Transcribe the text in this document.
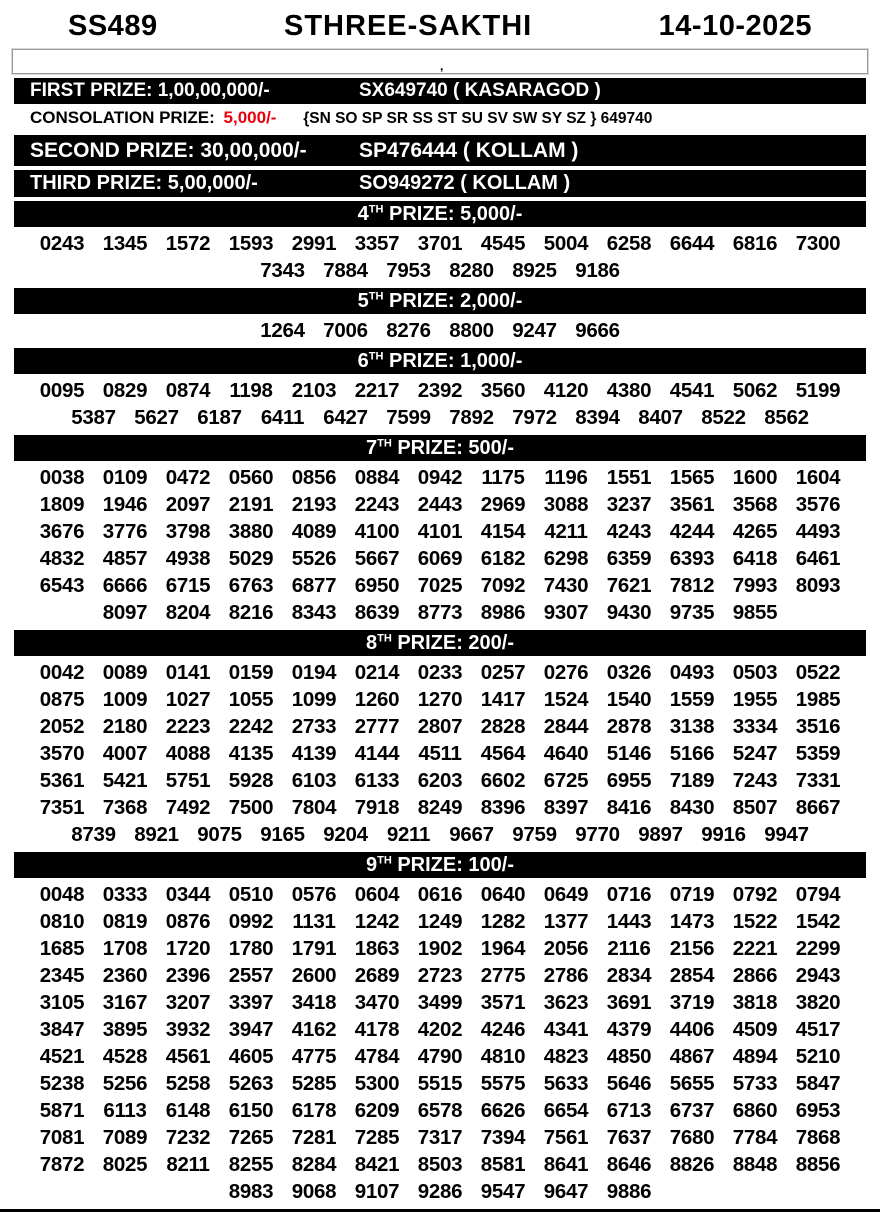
SS489	STHREE-SAKTHI	14-10-2025
,
FIRST PRIZE: 1,00,00,000/-	SX649740 ( KASARAGOD )
CONSOLATION PRIZE: 5,000/- {SN SO SP SR SS ST SU SV SW SY SZ } 649740
SECOND PRIZE: 30,00,000/- SP476444 ( KOLLAM )
THIRD PRIZE: 5,00,000/-	SO949272 ( KOLLAM )
4TH PRIZE: 5,000/-
0243 1345 1572 1593 2991 3357 3701 4545 5004 6258 6644 6816 7300
7343 7884 7953 8280 8925 9186
5TH PRIZE: 2,000/-
1264 7006 8276 8800 9247 9666
6TH PRIZE: 1,000/-
0095 0829 0874 1198 2103 2217 2392 3560 4120 4380 4541 5062 5199
5387 5627 6187 6411 6427 7599 7892 7972 8394 8407 8522 8562
7TH PRIZE: 500/-
0038 0109 0472 0560 0856 0884 0942 1175 1196 1551 1565 1600 1604
1809 1946 2097 2191 2193 2243 2443 2969 3088 3237 3561 3568 3576
3676 3776 3798 3880 4089 4100 4101 4154 4211 4243 4244 4265 4493
4832 4857 4938 5029 5526 5667 6069 6182 6298 6359 6393 6418 6461
6543 6666 6715 6763 6877 6950 7025 7092 7430 7621 7812 7993 8093
8097 8204 8216 8343 8639 8773 8986 9307 9430 9735 9855
8TH PRIZE: 200/-
0042 0089 0141 0159 0194 0214 0233 0257 0276 0326 0493 0503 0522
0875 1009 1027 1055 1099 1260 1270 1417 1524 1540 1559 1955 1985
2052 2180 2223 2242 2733 2777 2807 2828 2844 2878 3138 3334 3516
3570 4007 4088 4135 4139 4144 4511 4564 4640 5146 5166 5247 5359
5361 5421 5751 5928 6103 6133 6203 6602 6725 6955 7189 7243 7331
7351 7368 7492 7500 7804 7918 8249 8396 8397 8416 8430 8507 8667
8739 8921 9075 9165 9204 9211 9667 9759 9770 9897 9916 9947
9TH PRIZE: 100/-
0048 0333 0344 0510 0576 0604 0616 0640 0649 0716 0719 0792 0794
0810 0819 0876 0992 1131 1242 1249 1282 1377 1443 1473 1522 1542
1685 1708 1720 1780 1791 1863 1902 1964 2056 2116 2156 2221 2299
2345 2360 2396 2557 2600 2689 2723 2775 2786 2834 2854 2866 2943
3105 3167 3207 3397 3418 3470 3499 3571 3623 3691 3719 3818 3820
3847 3895 3932 3947 4162 4178 4202 4246 4341 4379 4406 4509 4517
4521 4528 4561 4605 4775 4784 4790 4810 4823 4850 4867 4894 5210
5238 5256 5258 5263 5285 5300 5515 5575 5633 5646 5655 5733 5847
5871 6113 6148 6150 6178 6209 6578 6626 6654 6713 6737 6860 6953
7081 7089 7232 7265 7281 7285 7317 7394 7561 7637 7680 7784 7868
7872 8025 8211 8255 8284 8421 8503 8581 8641 8646 8826 8848 8856
8983 9068 9107 9286 9547 9647 9886
